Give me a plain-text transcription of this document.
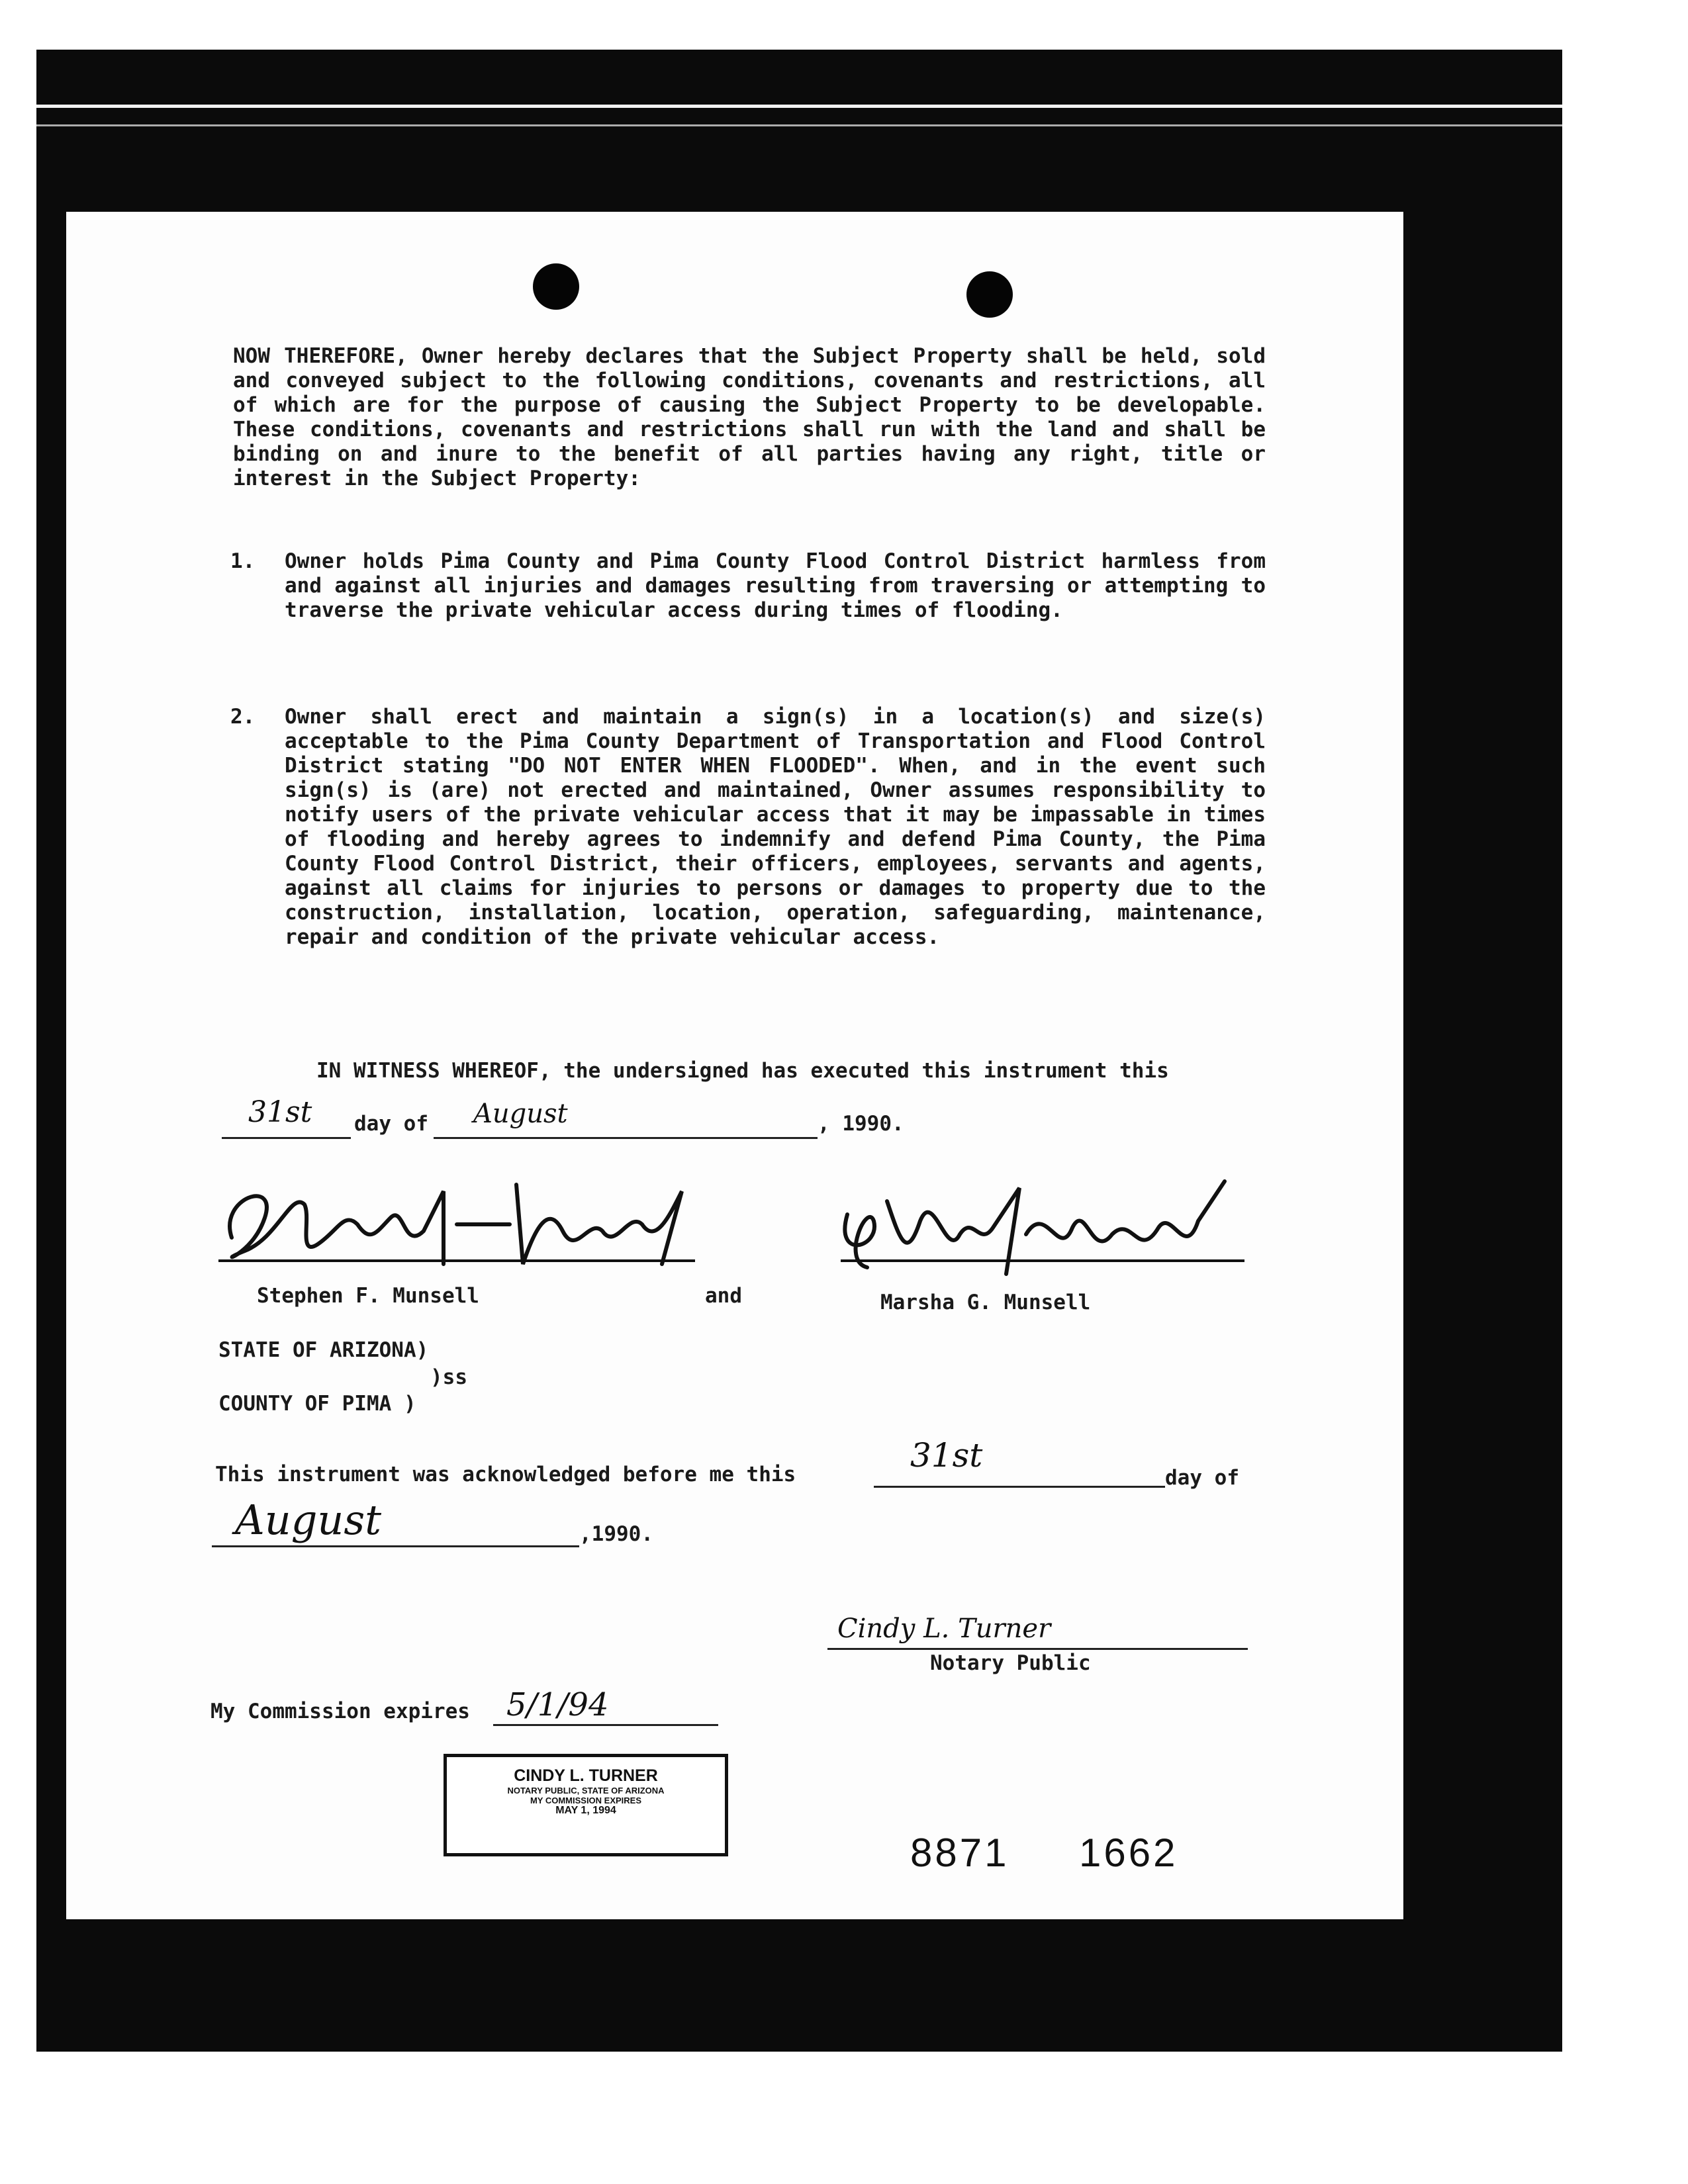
NOW THEREFORE, Owner hereby declares that the Subject Property shall be held, sold and conveyed subject to the following conditions, covenants and restrictions, all of which are for the purpose of causing the Subject Property to be developable. These conditions, covenants and restrictions shall run with the land and shall be binding on and inure to the benefit of all parties having any right, title or interest in the Subject Property:

1. Owner holds Pima County and Pima County Flood Control District harmless from and against all injuries and damages resulting from traversing or attempting to traverse the private vehicular access during times of flooding.

2. Owner shall erect and maintain a sign(s) in a location(s) and size(s) acceptable to the Pima County Department of Transportation and Flood Control District stating "DO NOT ENTER WHEN FLOODED". When, and in the event such sign(s) is (are) not erected and maintained, Owner assumes responsibility to notify users of the private vehicular access that it may be impassable in times of flooding and hereby agrees to indemnify and defend Pima County, the Pima County Flood Control District, their officers, employees, servants and agents, against all claims for injuries to persons or damages to property due to the construction, installation, location, operation, safeguarding, maintenance, repair and condition of the private vehicular access.

IN WITNESS WHEREOF, the undersigned has executed this instrument this
31st day of August	, 1990.
Stephen F. Munsell	and	Marsha G. Munsell
STATE OF ARIZONA)
)ss
COUNTY OF PIMA )
This instrument was acknowledged before me this	31st
day of
August	,1990.
Cindy L. Turner
Notary Public
My Commission expires 5/1/94
CINDY L. TURNER
NOTARY PUBLIC, STATE OF ARIZONA
MY COMMISSION EXPIRES
MAY 1, 1994
8871 1662
